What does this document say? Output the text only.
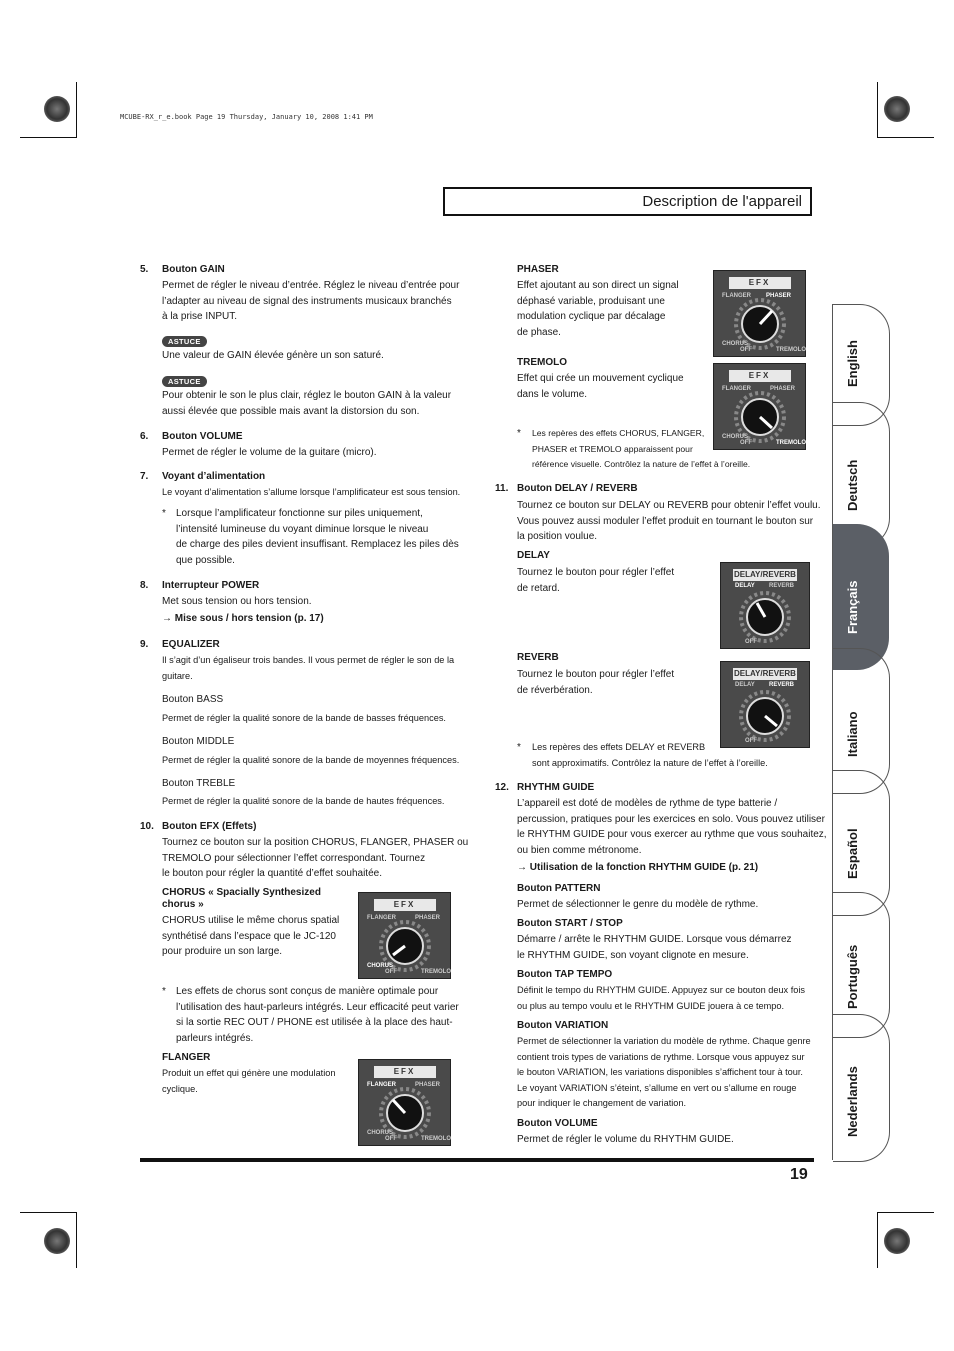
MCUBE-RX_r_e.book Page 19 Thursday, January 10, 2008 1:41 PM
Description de l'appareil
5. Bouton GAIN
Permet de régler le niveau d’entrée. Réglez le niveau d’entrée pour
l’adapter au niveau de signal des instruments musicaux branchés
à la prise INPUT.
ASTUCE
Une valeur de GAIN élevée génère un son saturé.
ASTUCE
Pour obtenir le son le plus clair, réglez le bouton GAIN à la valeur
aussi élevée que possible mais avant la distorsion du son.
6. Bouton VOLUME
Permet de régler le volume de la guitare (micro).
7. Voyant d’alimentation
Le voyant d’alimentation s’allume lorsque l’amplificateur est sous tension.
* Lorsque l’amplificateur fonctionne sur piles uniquement,
l’intensité lumineuse du voyant diminue lorsque le niveau
de charge des piles devient insuffisant. Remplacez les piles dès
que possible.
8. Interrupteur POWER
Met sous tension ou hors tension.
→ Mise sous / hors tension (p. 17)
9. EQUALIZER
Il s’agit d’un égaliseur trois bandes. Il vous permet de régler le son de la
guitare.
Bouton BASS
Permet de régler la qualité sonore de la bande de basses fréquences.
Bouton MIDDLE
Permet de régler la qualité sonore de la bande de moyennes fréquences.
Bouton TREBLE
Permet de régler la qualité sonore de la bande de hautes fréquences.
10. Bouton EFX (Effets)
Tournez ce bouton sur la position CHORUS, FLANGER, PHASER ou
TREMOLO pour sélectionner l’effet correspondant. Tournez
le bouton pour régler la quantité d’effet souhaitée.
CHORUS « Spacially Synthesized
chorus »
CHORUS utilise le même chorus spatial
synthétisé dans l’espace que le JC-120
pour produire un son large.
* Les effets de chorus sont conçus de manière optimale pour
l’utilisation des haut-parleurs intégrés. Leur efficacité peut varier
si la sortie REC OUT / PHONE est utilisée à la place des haut-
parleurs intégrés.
FLANGER
Produit un effet qui génère une modulation
cyclique.
EFX
FLANGER	PHASER
CHORUS
OFF	TREMOLO
EFX
FLANGER	PHASER
CHORUS
OFF	TREMOLO
PHASER
Effet ajoutant au son direct un signal
déphasé variable, produisant une
modulation cyclique par décalage
de phase.
TREMOLO
Effet qui crée un mouvement cyclique
dans le volume.
* Les repères des effets CHORUS, FLANGER,
PHASER et TREMOLO apparaissent pour
référence visuelle. Contrôlez la nature de l’effet à l’oreille.
EFX
FLANGER	PHASER
CHORUS
OFF	TREMOLO
EFX
FLANGER	PHASER
CHORUS
OFF	TREMOLO
11. Bouton DELAY / REVERB
Tournez ce bouton sur DELAY ou REVERB pour obtenir l’effet voulu.
Vous pouvez aussi moduler l’effet produit en tournant le bouton sur
la position voulue.
DELAY
Tournez le bouton pour régler l’effet
de retard.
REVERB
Tournez le bouton pour régler l’effet
de réverbération.
* Les repères des effets DELAY et REVERB
sont approximatifs. Contrôlez la nature de l’effet à l’oreille.
DELAY/REVERB
DELAY REVERB
OFF
DELAY/REVERB
DELAY REVERB
OFF
12. RHYTHM GUIDE
L’appareil est doté de modèles de rythme de type batterie /
percussion, pratiques pour les exercices en solo. Vous pouvez utiliser
le RHYTHM GUIDE pour vous exercer au rythme que vous souhaitez,
ou bien comme métronome.
→ Utilisation de la fonction RHYTHM GUIDE (p. 21)
Bouton PATTERN
Permet de sélectionner le genre du modèle de rythme.
Bouton START / STOP
Démarre / arrête le RHYTHM GUIDE. Lorsque vous démarrez
le RHYTHM GUIDE, son voyant clignote en mesure.
Bouton TAP TEMPO
Définit le tempo du RHYTHM GUIDE. Appuyez sur ce bouton deux fois
ou plus au tempo voulu et le RHYTHM GUIDE jouera à ce tempo.
Bouton VARIATION
Permet de sélectionner la variation du modèle de rythme. Chaque genre
contient trois types de variations de rythme. Lorsque vous appuyez sur
le bouton VARIATION, les variations disponibles s’affichent tour à tour.
Le voyant VARIATION s’éteint, s’allume en vert ou s’allume en rouge
pour indiquer le changement de variation.
Bouton VOLUME
Permet de régler le volume du RHYTHM GUIDE.
19
English
Deutsch
Français
Italiano
Español
Português
Nederlands
